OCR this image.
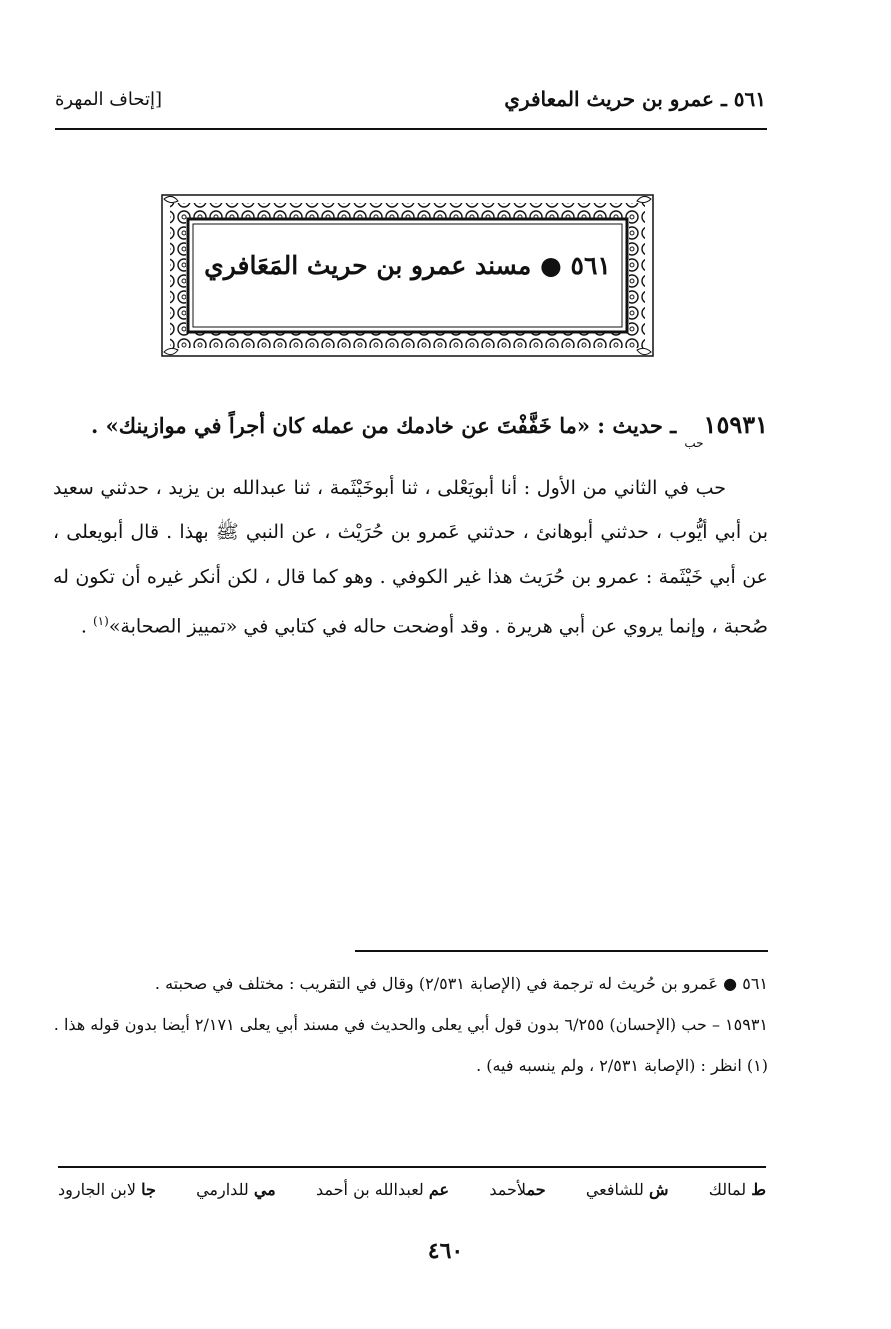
٥٦١ ـ عمرو بن حريث المعافري
[إتحاف المهرة
٥٦١ ● مسند عمرو بن حريث المَعَافري
$١٥٩٣١_{حب}$ ـ حديث : «ما خَفَّفْتَ عن خادمك من عمله كان أجراً في موازينك» .
حب في الثاني من الأول : أنا أبويَعْلى ، ثنا أبوخَيْثَمة ، ثنا عبدالله بن يزيد ، حدثني سعيد بن أبي أيُّوب ، حدثني أبوهانئ ، حدثني عَمرو بن حُرَيْث ، عن النبي ﷺ بهذا . قال أبويعلى ، عن أبي خَيْثَمة : عمرو بن حُرَيث هذا غير الكوفي . وهو كما قال ، لكن أنكر غيره أن تكون له صُحبة ، وإنما يروي عن أبي هريرة . وقد أوضحت حاله في كتابي في «تمييز الصحابة»$^{(١)}$ .

٥٦١ ● عَمرو بن حُريث له ترجمة في (الإصابة ٢/٥٣١) وقال في التقريب : مختلف في صحبته .

١٥٩٣١ – حب (الإحسان) ٦/٢٥٥ بدون قول أبي يعلى والحديث في مسند أبي يعلى ٢/١٧١ أيضا بدون قوله هذا .

(١) انظر : (الإصابة ٢/٥٣١ ، ولم ينسبه فيه) .

ط لمالك
ش للشافعي
حملأحمد
عم لعبدالله بن أحمد
مي للدارمي
جا لابن الجارود
٤٦٠
